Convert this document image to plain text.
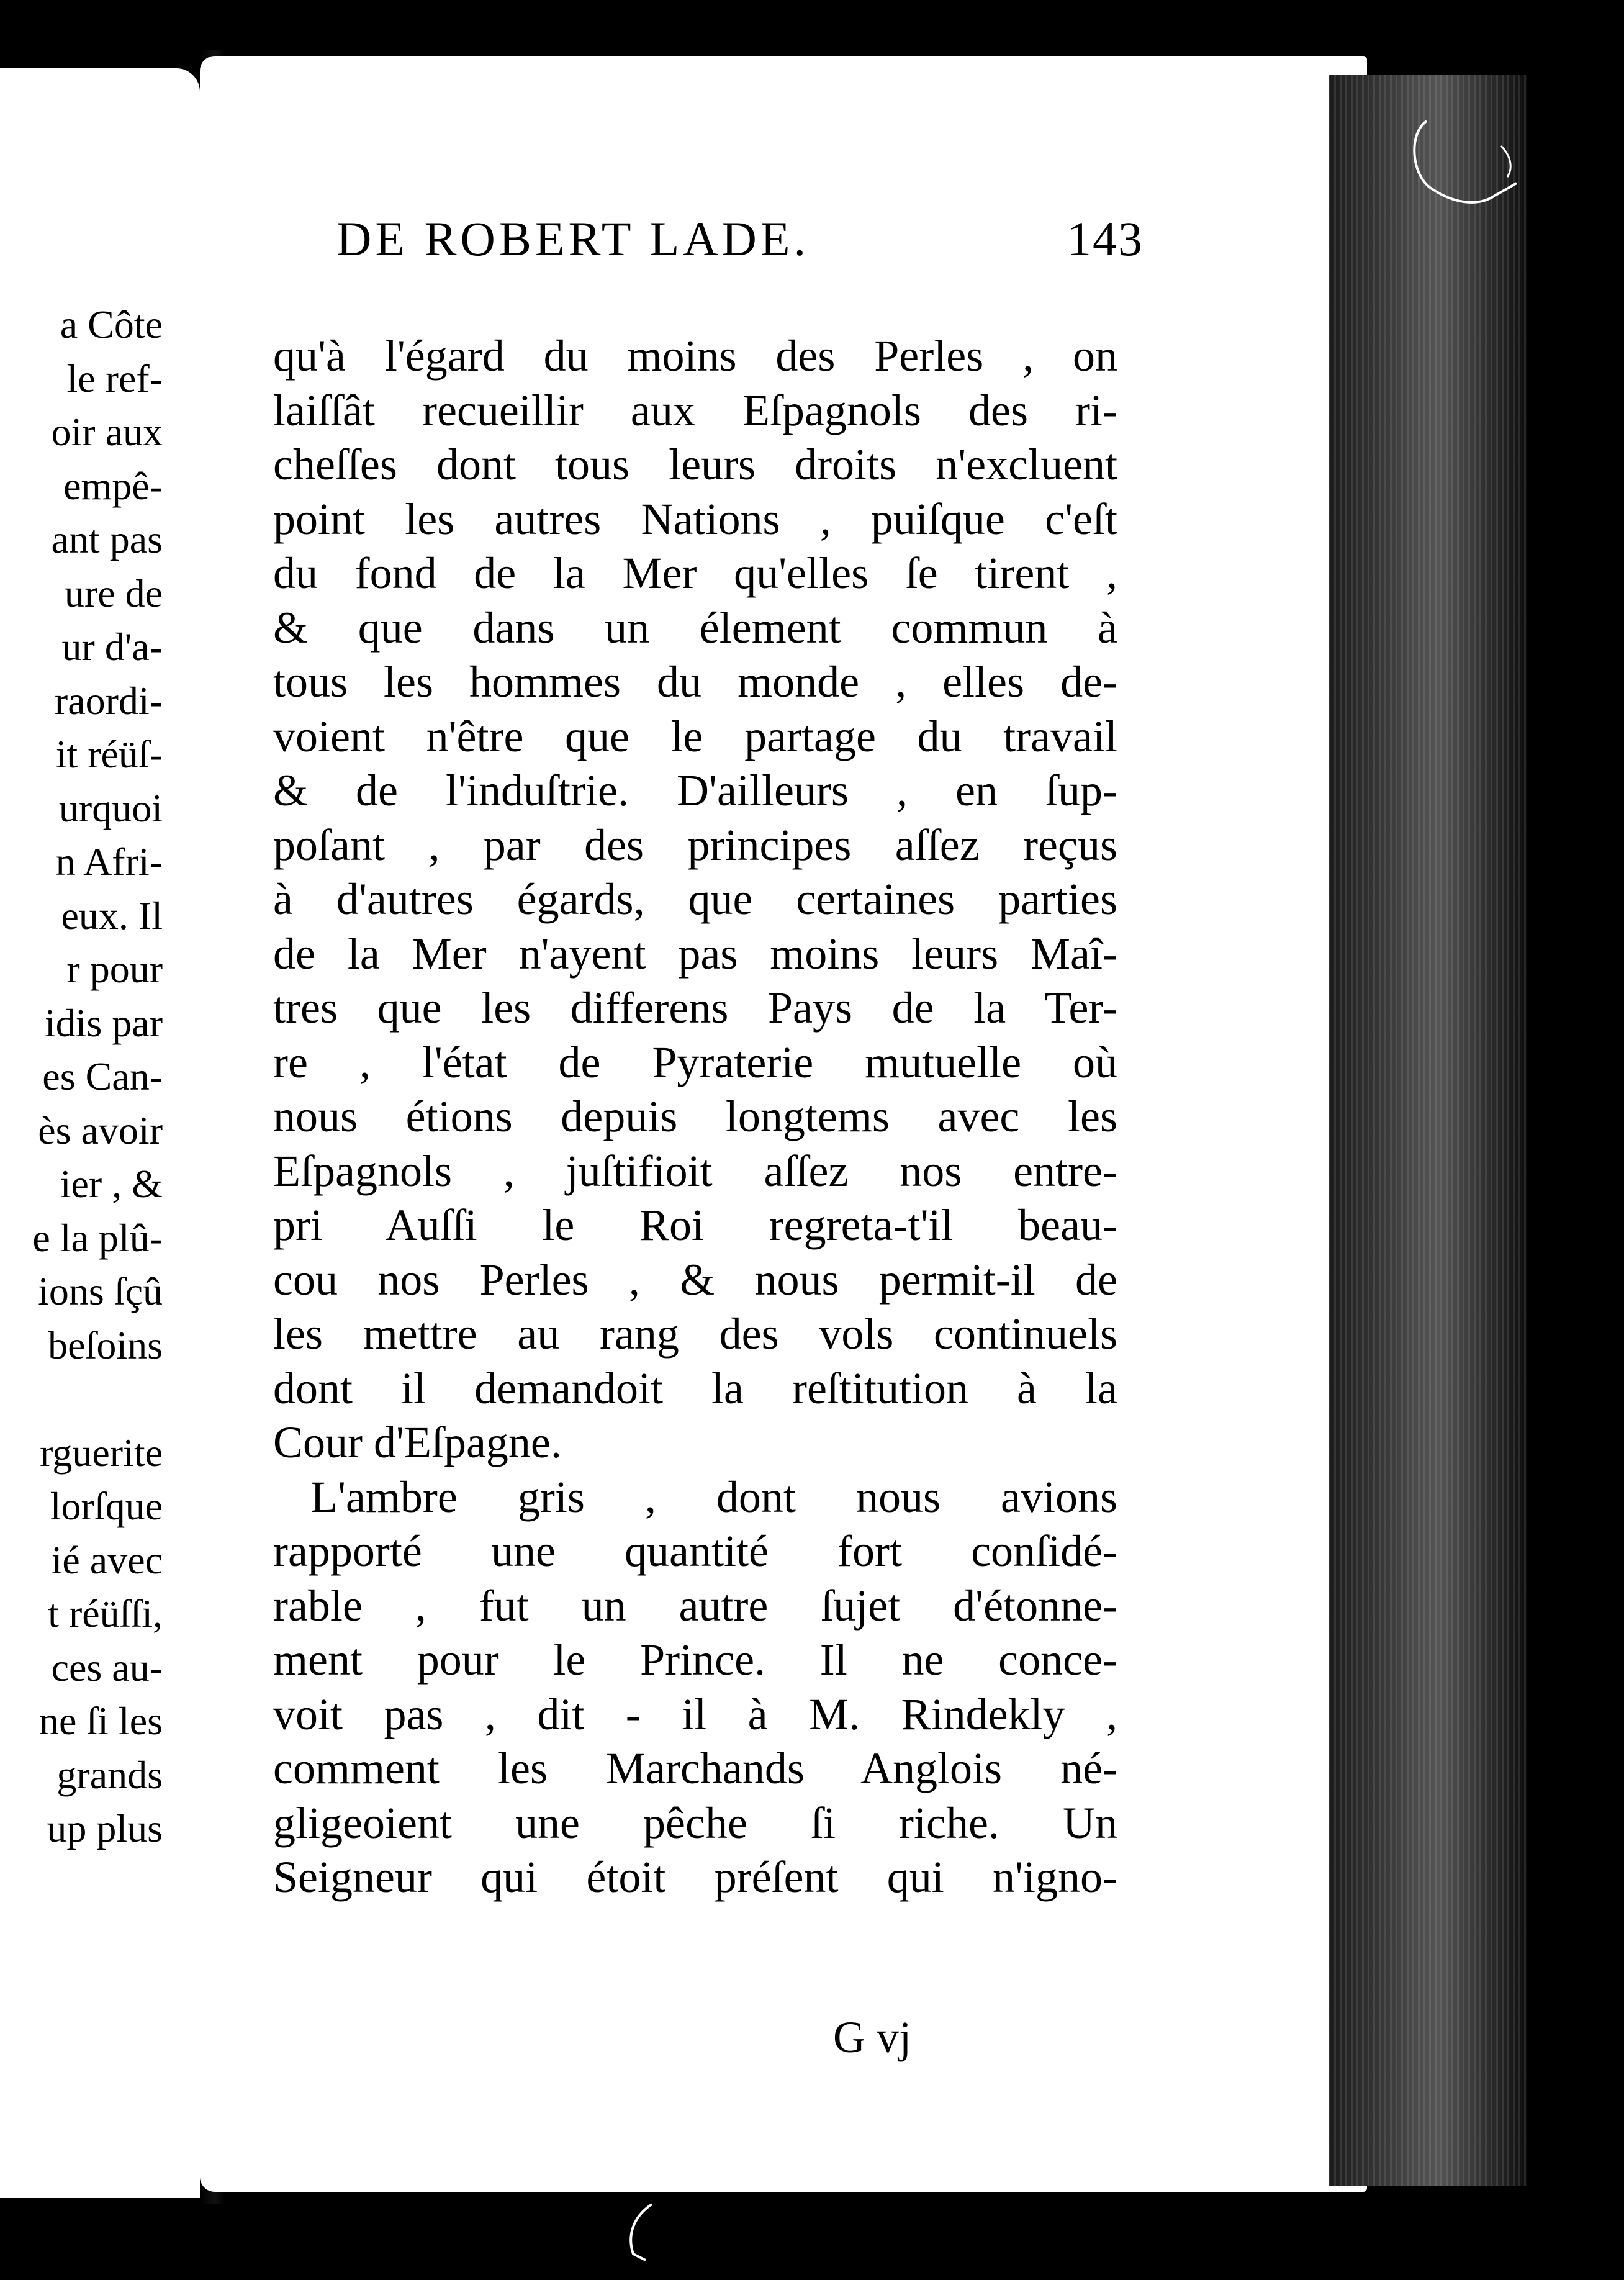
a Côte
le ref-
oir aux
empê-
ant pas
ure de
ur d'a-
raordi-
it réüſ-
urquoi
n Afri-
eux. Il
r pour
idis par
es Can-
ès avoir
ier , &
e la plû-
ions ſçû
beſoins
rguerite
lorſque
ié avec
t réüſſi,
ces au-
ne ſi les
grands
up plus
DE ROBERT LADE.	143
qu'à l'égard du moins des Perles , on
laiſſât recueillir aux Eſpagnols des ri-
cheſſes dont tous leurs droits n'excluent
point les autres Nations , puiſque c'eſt
du fond de la Mer qu'elles ſe tirent ,
& que dans un élement commun à
tous les hommes du monde , elles de-
voient n'être que le partage du travail
& de l'induſtrie. D'ailleurs , en ſup-
poſant , par des principes aſſez reçus
à d'autres égards, que certaines parties
de la Mer n'ayent pas moins leurs Maî-
tres que les differens Pays de la Ter-
re , l'état de Pyraterie mutuelle où
nous étions depuis longtems avec les
Eſpagnols , juſtifioit aſſez nos entre-
pri Auſſi le Roi regreta-t'il beau-
cou nos Perles , & nous permit-il de
les mettre au rang des vols continuels
dont il demandoit la reſtitution à la
Cour d'Eſpagne.
L'ambre gris , dont nous avions
rapporté une quantité fort conſidé-
rable , fut un autre ſujet d'étonne-
ment pour le Prince. Il ne conce-
voit pas , dit - il à M. Rindekly ,
comment les Marchands Anglois né-
gligeoient une pêche ſi riche. Un
Seigneur qui étoit préſent qui n'igno-
G vj
